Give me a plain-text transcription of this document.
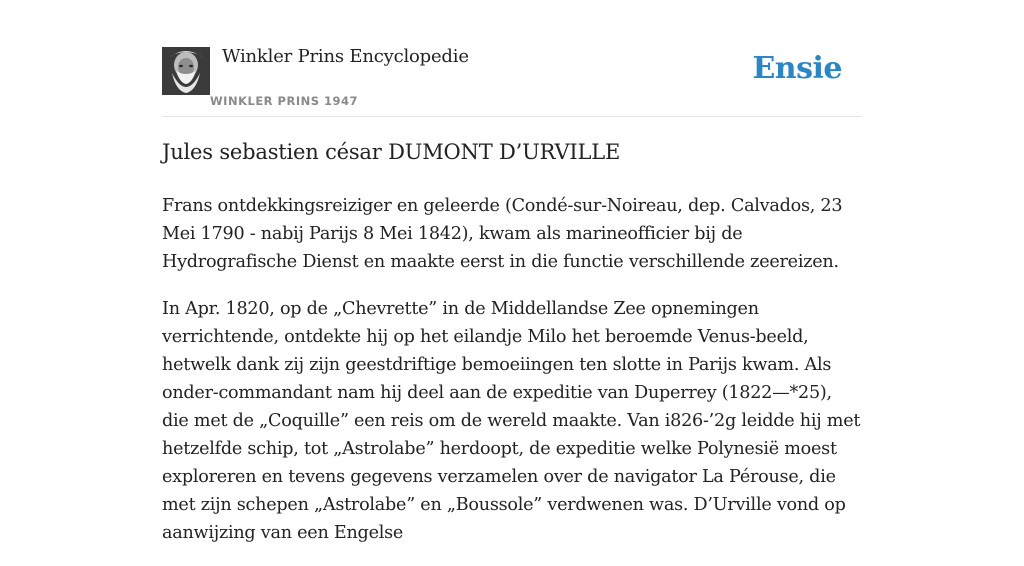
Winkler Prins Encyclopedie
WINKLER PRINS 1947
Ensie
Jules sebastien césar DUMONT D’URVILLE

Frans ontdekkingsreiziger en geleerde (Condé-sur-Noireau, dep. Calvados, 23 Mei 1790 - nabij Parijs 8 Mei 1842), kwam als marineofficier bij de Hydrografische Dienst en maakte eerst in die functie verschillende zeereizen.

In Apr. 1820, op de „Chevrette” in de Middellandse Zee opnemingen verrichtende, ontdekte hij op het eilandje Milo het beroemde Venus-beeld, hetwelk dank zij zijn geestdriftige bemoeiingen ten slotte in Parijs kwam. Als onder-commandant nam hij deel aan de expeditie van Duperrey (1822—*25), die met de „Coquille” een reis om de wereld maakte. Van i826-’2g leidde hij met hetzelfde schip, tot „Astrolabe” herdoopt, de expeditie welke Polynesië moest exploreren en tevens gegevens verzamelen over de navigator La Pérouse, die met zijn schepen „Astrolabe” en „Boussole” verdwenen was. D’Urville vond op aanwijzing van een Engelse
